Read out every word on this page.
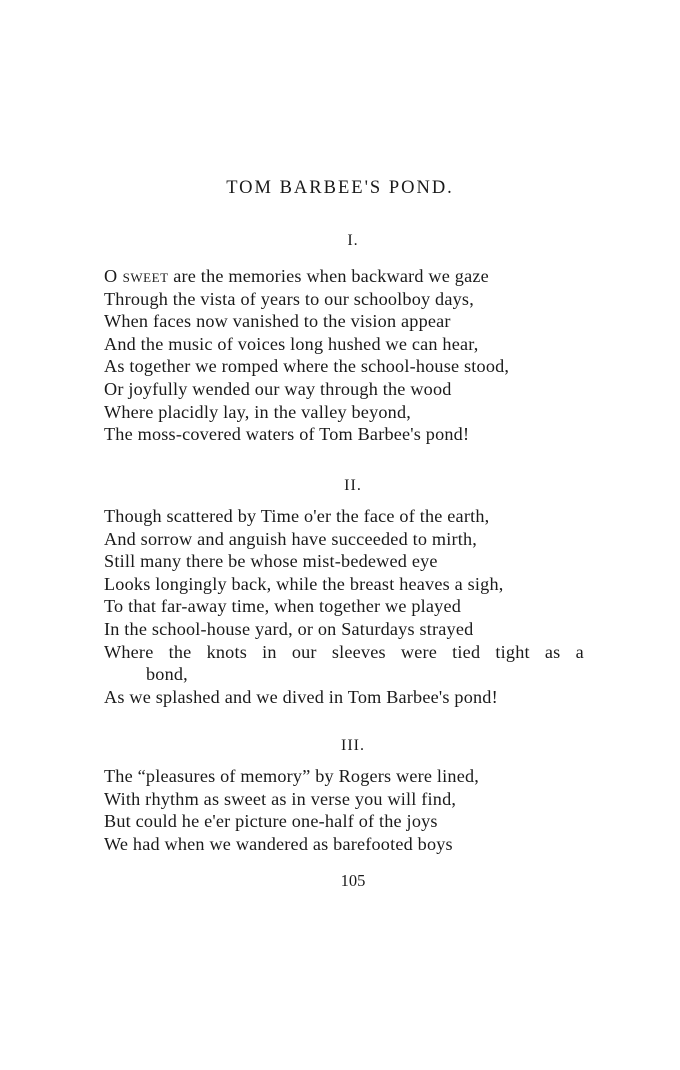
TOM BARBEE'S POND.

I.

O sweet are the memories when backward we gaze
Through the vista of years to our schoolboy days,
When faces now vanished to the vision appear
And the music of voices long hushed we can hear,
As together we romped where the school-house stood,
Or joyfully wended our way through the wood
Where placidly lay, in the valley beyond,
The moss-covered waters of Tom Barbee's pond!

II.

Though scattered by Time o'er the face of the earth,
And sorrow and anguish have succeeded to mirth,
Still many there be whose mist-bedewed eye
Looks longingly back, while the breast heaves a sigh,
To that far-away time, when together we played
In the school-house yard, or on Saturdays strayed
Where the knots in our sleeves were tied tight as a
bond,
As we splashed and we dived in Tom Barbee's pond!

III.

The “pleasures of memory” by Rogers were lined,
With rhythm as sweet as in verse you will find,
But could he e'er picture one-half of the joys
We had when we wandered as barefooted boys

105
